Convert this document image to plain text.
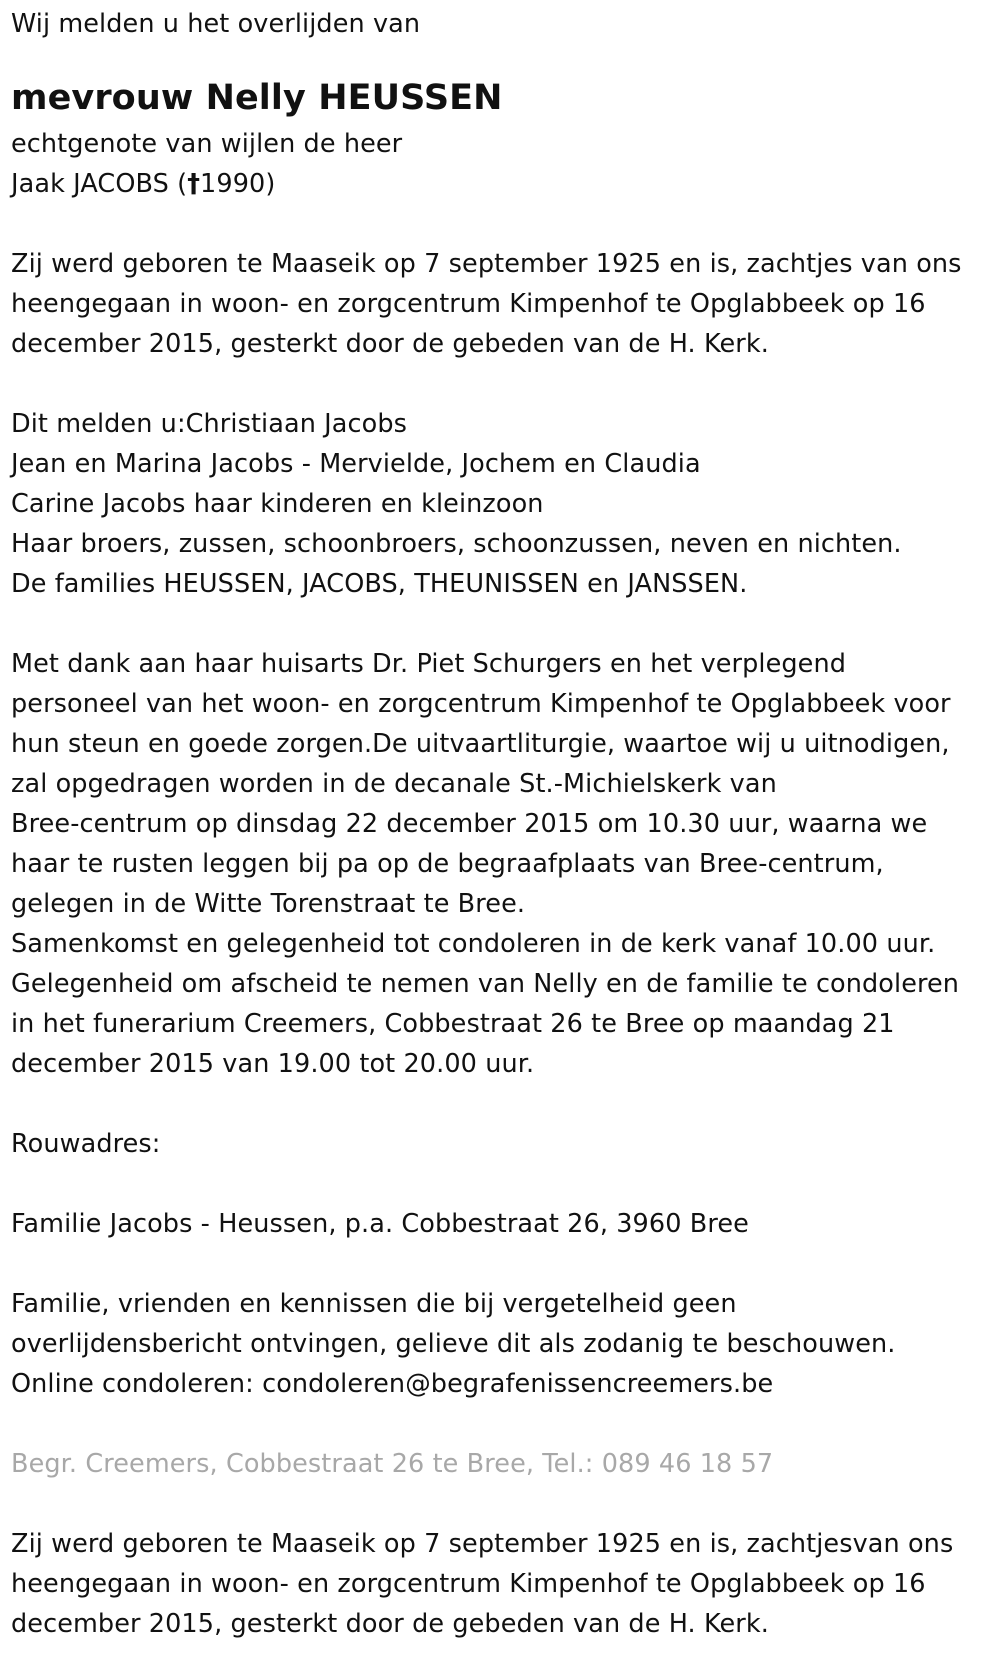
Wij melden u het overlijden van
mevrouw Nelly HEUSSEN
echtgenote van wijlen de heer
Jaak JACOBS (†1990)
Zij werd geboren te Maaseik op 7 september 1925 en is, zachtjes van ons
heengegaan in woon- en zorgcentrum Kimpenhof te Opglabbeek op 16
december 2015, gesterkt door de gebeden van de H. Kerk.
Dit melden u:Christiaan Jacobs
Jean en Marina Jacobs - Mervielde, Jochem en Claudia
Carine Jacobs haar kinderen en kleinzoon
Haar broers, zussen, schoonbroers, schoonzussen, neven en nichten.
De families HEUSSEN, JACOBS, THEUNISSEN en JANSSEN.
Met dank aan haar huisarts Dr. Piet Schurgers en het verplegend
personeel van het woon- en zorgcentrum Kimpenhof te Opglabbeek voor
hun steun en goede zorgen.De uitvaartliturgie, waartoe wij u uitnodigen,
zal opgedragen worden in de decanale St.-Michielskerk van
Bree-centrum op dinsdag 22 december 2015 om 10.30 uur, waarna we
haar te rusten leggen bij pa op de begraafplaats van Bree-centrum,
gelegen in de Witte Torenstraat te Bree.
Samenkomst en gelegenheid tot condoleren in de kerk vanaf 10.00 uur.
Gelegenheid om afscheid te nemen van Nelly en de familie te condoleren
in het funerarium Creemers, Cobbestraat 26 te Bree op maandag 21
december 2015 van 19.00 tot 20.00 uur.
Rouwadres:
Familie Jacobs - Heussen, p.a. Cobbestraat 26, 3960 Bree
Familie, vrienden en kennissen die bij vergetelheid geen
overlijdensbericht ontvingen, gelieve dit als zodanig te beschouwen.
Online condoleren: condoleren@begrafenissencreemers.be
Begr. Creemers, Cobbestraat 26 te Bree, Tel.: 089 46 18 57
Zij werd geboren te Maaseik op 7 september 1925 en is, zachtjesvan ons
heengegaan in woon- en zorgcentrum Kimpenhof te Opglabbeek op 16
december 2015, gesterkt door de gebeden van de H. Kerk.
